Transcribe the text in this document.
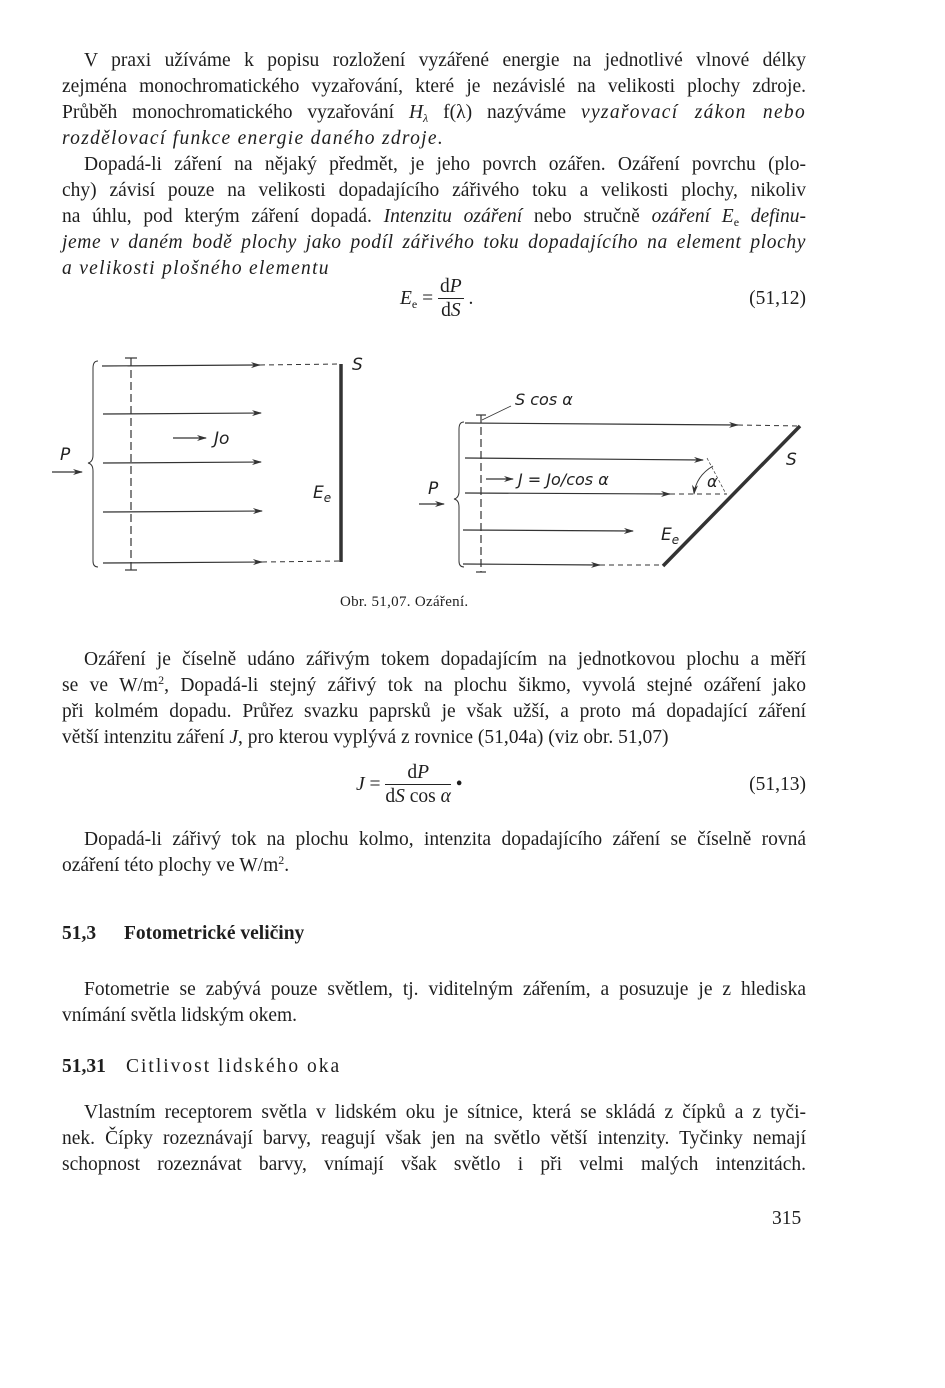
V praxi užíváme k popisu rozložení vyzářené energie na jednotlivé vlnové délky
zejména monochromatického vyzařování, které je nezávislé na velikosti plochy zdroje.
Průběh monochromatického vyzařování $H_\lambda$ f(λ) nazýváme vyzařovací zákon nebo
rozdělovací funkce energie daného zdroje.
Dopadá-li záření na nějaký předmět, je jeho povrch ozářen. Ozáření povrchu (plo-
chy) závisí pouze na velikosti dopadajícího zářivého toku a velikosti plochy, nikoliv
na úhlu, pod kterým záření dopadá. Intenzitu ozáření nebo stručně ozáření $E_e$ definu-
jeme v daném bodě plochy jako podíl zářivého toku dopadajícího na element plochy
a velikosti plošného elementu
$E_e = \frac{dP}{dS}$ .	(51,12)
S
Jo
P
$E_e$
S cos α
J = Jo/cos α	α
S
P
$E_e$
Obr. 51,07. Ozáření.
Ozáření je číselně udáno zářivým tokem dopadajícím na jednotkovou plochu a měří
se ve $W/m^2$, Dopadá-li stejný zářivý tok na plochu šikmo, vyvolá stejné ozáření jako
při kolmém dopadu. Průřez svazku paprsků je však užší, a proto má dopadající záření
větší intenzitu záření J, pro kterou vyplývá z rovnice (51,04a) (viz obr. 51,07)
$J = \frac{dP}{\text{dS cos α}}$ •	(51,13)
Dopadá-li zářivý tok na plochu kolmo, intenzita dopadajícího záření se číselně rovná
ozáření této plochy ve $W/m^2$.
51,3 Fotometrické veličiny
Fotometrie se zabývá pouze světlem, tj. viditelným zářením, a posuzuje je z hlediska
vnímání světla lidským okem.
51,31 Citlivost lidského oka
Vlastním receptorem světla v lidském oku je sítnice, která se skládá z čípků a z tyči-
nek. Čípky rozeznávají barvy, reagují však jen na světlo větší intenzity. Tyčinky nemají
schopnost rozeznávat barvy, vnímají však světlo i při velmi malých intenzitách.
315
